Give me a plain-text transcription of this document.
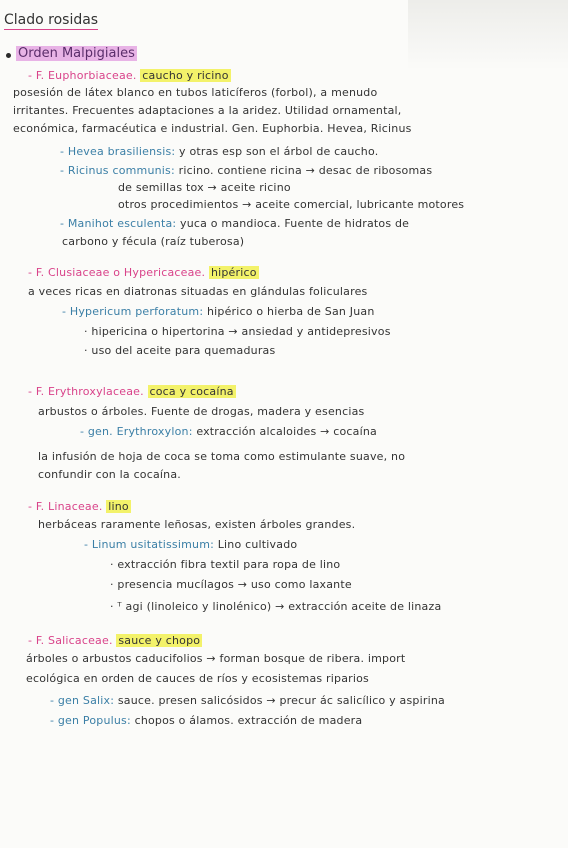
Clado rosidas
Orden Malpigiales
- F. Euphorbiaceae. caucho y ricino
posesión de látex blanco en tubos laticíferos (forbol), a menudo
irritantes. Frecuentes adaptaciones a la aridez. Utilidad ornamental,
económica, farmacéutica e industrial. Gen. Euphorbia. Hevea, Ricinus
- Hevea brasiliensis: y otras esp son el árbol de caucho.
- Ricinus communis: ricino. contiene ricina → desac de ribosomas
de semillas tox → aceite ricino
otros procedimientos → aceite comercial, lubricante motores
- Manihot esculenta: yuca o mandioca. Fuente de hidratos de
carbono y fécula (raíz tuberosa)
- F. Clusiaceae o Hypericaceae. hipérico
a veces ricas en diatronas situadas en glándulas foliculares
- Hypericum perforatum: hipérico o hierba de San Juan
· hipericina o hipertorina → ansiedad y antidepresivos
· uso del aceite para quemaduras
- F. Erythroxylaceae. coca y cocaína
arbustos o árboles. Fuente de drogas, madera y esencias
- gen. Erythroxylon: extracción alcaloides → cocaína
la infusión de hoja de coca se toma como estimulante suave, no
confundir con la cocaína.
- F. Linaceae. lino
herbáceas raramente leñosas, existen árboles grandes.
- Linum usitatissimum: Lino cultivado
· extracción fibra textil para ropa de lino
· presencia mucílagos → uso como laxante
· ᵀ agi (linoleico y linolénico) → extracción aceite de linaza
- F. Salicaceae. sauce y chopo
árboles o arbustos caducifolios → forman bosque de ribera. import
ecológica en orden de cauces de ríos y ecosistemas riparios
- gen Salix: sauce. presen salicósidos → precur ác salicílico y aspirina
- gen Populus: chopos o álamos. extracción de madera
